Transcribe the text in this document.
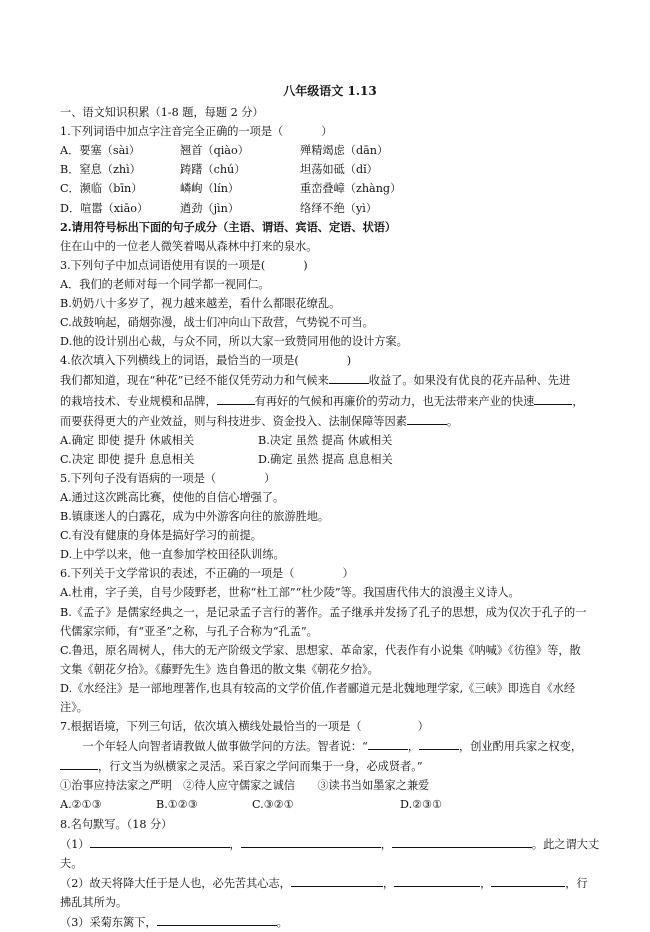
八年级语文 1.13
一、语文知识积累（1-8 题，每题 2 分）
1.下列词语中加点字注音完全正确的一项是（	）
A．要塞（sài）	翘首（qiào）	殚精竭虑（dān）
B．窒息（zhì）	踌躇（chú）	坦荡如砥（dǐ）
C．濒临（bīn）	嶙峋（lín）	重峦叠嶂（zhàng）
D．喧嚣（xiāo）	遒劲（jìn）	络绎不绝（yì）
2.请用符号标出下面的句子成分（主语、谓语、宾语、定语、状语）
住在山中的一位老人微笑着喝从森林中打来的泉水。
3.下列句子中加点词语使用有误的一项是(	)
A．我们的老师对每一个同学都一视同仁。
B.奶奶八十多岁了，视力越来越差，看什么都眼花缭乱。
C.战鼓响起，硝烟弥漫，战士们冲向山下敌营，气势锐不可当。
D.他的设计别出心裁，与众不同，所以大家一致赞同用他的设计方案。
4.依次填入下列横线上的词语，最恰当的一项是(	)
我们都知道，现在“种花”已经不能仅凭劳动力和气候来	收益了。如果没有优良的花卉品种、先进
的栽培技术、专业规模和品牌，	有再好的气候和再廉价的劳动力，也无法带来产业的快速	，
而要获得更大的产业效益，则与科技进步、资金投入、法制保障等因素	。
A.确定 即使 提升 休戚相关	B.决定 虽然 提高 休戚相关
C.决定 即使 提升 息息相关	D.确定 虽然 提高 息息相关
5.下列句子没有语病的一项是（	）
A.通过这次跳高比赛，使他的自信心增强了。
B.镇康迷人的白露花，成为中外游客向往的旅游胜地。
C.有没有健康的身体是搞好学习的前提。
D.上中学以来，他一直参加学校田径队训练。
6.下列关于文学常识的表述，不正确的一项是（	）
A.杜甫，字子美，自号少陵野老，世称“杜工部”“杜少陵”等。我国唐代伟大的浪漫主义诗人。
B.《孟子》是儒家经典之一，是记录孟子言行的著作。孟子继承并发扬了孔子的思想，成为仅次于孔子的一
代儒家宗师，有“亚圣”之称，与孔子合称为“孔孟”。
C.鲁迅，原名周树人，伟大的无产阶级文学家、思想家、革命家，代表作有小说集《呐喊》《彷徨》等，散
文集《朝花夕拾》。《藤野先生》选自鲁迅的散文集《朝花夕拾》。
D.《水经注》是一部地理著作,也具有较高的文学价值,作者郦道元是北魏地理学家,《三峡》即选自《水经
注》。
7.根据语境，下列三句话，依次填入横线处最恰当的一项是（	）
一个年轻人向智者请教做人做事做学问的方法。智者说：“	，	，创业酌用兵家之权变，
，行文当为纵横家之灵活。采百家之学问而集于一身，必成贤者。”
①治事应持法家之严明　②待人应守儒家之诚信　　③读书当如墨家之兼爱
A.②①③	B.①②③	C.③②①	D.②③①
8.名句默写。（18 分）
（1）	，	，	。此之谓大丈
夫。
（2）故天将降大任于是人也，必先苦其心志，	，	，	，行
拂乱其所为。
（3）采菊东篱下，	。
